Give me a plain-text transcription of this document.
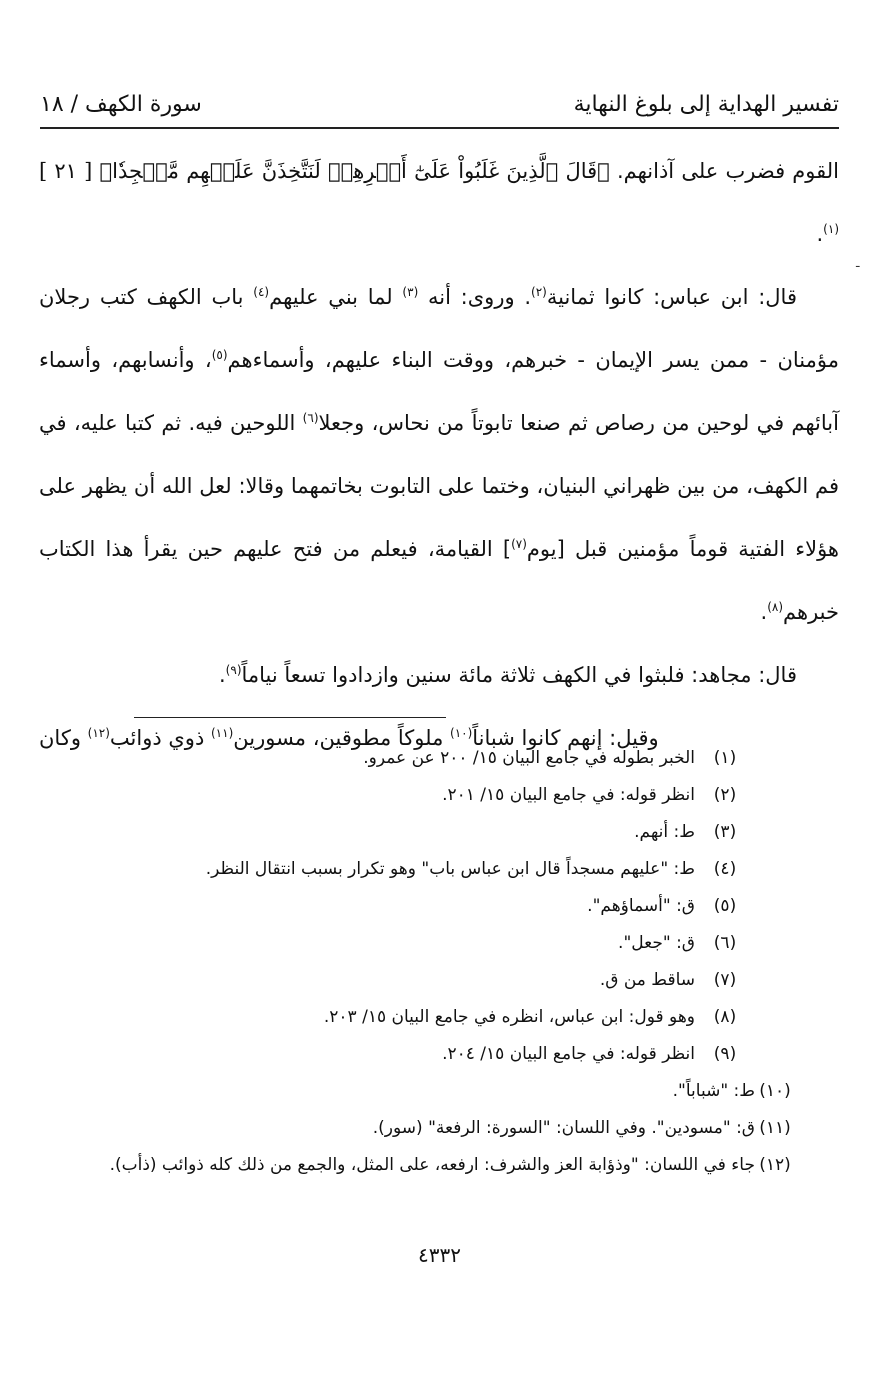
تفسير الهداية إلى بلوغ النهاية
سورة الكهف / ١٨
ـ

القوم فضرب على آذانهم. ﴿قَالَ ٱلَّذِينَ غَلَبُواْ عَلَىٰٓ أَمۡرِهِمۡ لَنَتَّخِذَنَّ عَلَيۡهِم مَّسۡجِدٗا﴾ [ ٢١ ]$^{(١)}$.

قال: ابن عباس: كانوا ثمانية$^{(٢)}$. وروى: أنه $^{(٣)}$ لما بني عليهم$^{(٤)}$ باب الكهف كتب رجلان مؤمنان - ممن يسر الإيمان - خبرهم، ووقت البناء عليهم، وأسماءهم$^{(٥)}$، وأنسابهم، وأسماء آبائهم في لوحين من رصاص ثم صنعا تابوتاً من نحاس، وجعلا$^{(٦)}$ اللوحين فيه. ثم كتبا عليه، في فم الكهف، من بين ظهراني البنيان، وختما على التابوت بخاتمهما وقالا: لعل الله أن يظهر على هؤلاء الفتية قوماً مؤمنين قبل [يوم$^{(٧)}$] القيامة، فيعلم من فتح عليهم حين يقرأ هذا الكتاب خبرهم$^{(٨)}$.

قال: مجاهد: فلبثوا في الكهف ثلاثة مائة سنين وازدادوا تسعاً نياماً$^{(٩)}$.

وقيل: إنهم كانوا شباناً$^{(١٠)}$ ملوكاً مطوقين، مسورين$^{(١١)}$ ذوي ذوائب$^{(١٢)}$ وكان

(١)
الخبر بطوله في جامع البيان ١٥/ ٢٠٠ عن عمرو.
(٢)
انظر قوله: في جامع البيان ١٥/ ٢٠١.
(٣)
ط: أنهم.
(٤)
ط: "عليهم مسجداً قال ابن عباس باب" وهو تكرار بسبب انتقال النظر.
(٥)
ق: "أسماؤهم".
(٦)
ق: "جعل".
(٧)
ساقط من ق.
(٨)
وهو قول: ابن عباس، انظره في جامع البيان ١٥/ ٢٠٣.
(٩)
انظر قوله: في جامع البيان ١٥/ ٢٠٤.
(١٠)
ط: "شباباً".
(١١)
ق: "مسودين". وفي اللسان: "السورة: الرفعة" (سور).
(١٢)
جاء في اللسان: "وذؤابة العز والشرف: ارفعه، على المثل، والجمع من ذلك كله ذوائب (ذأب).
٤٣٣٢
